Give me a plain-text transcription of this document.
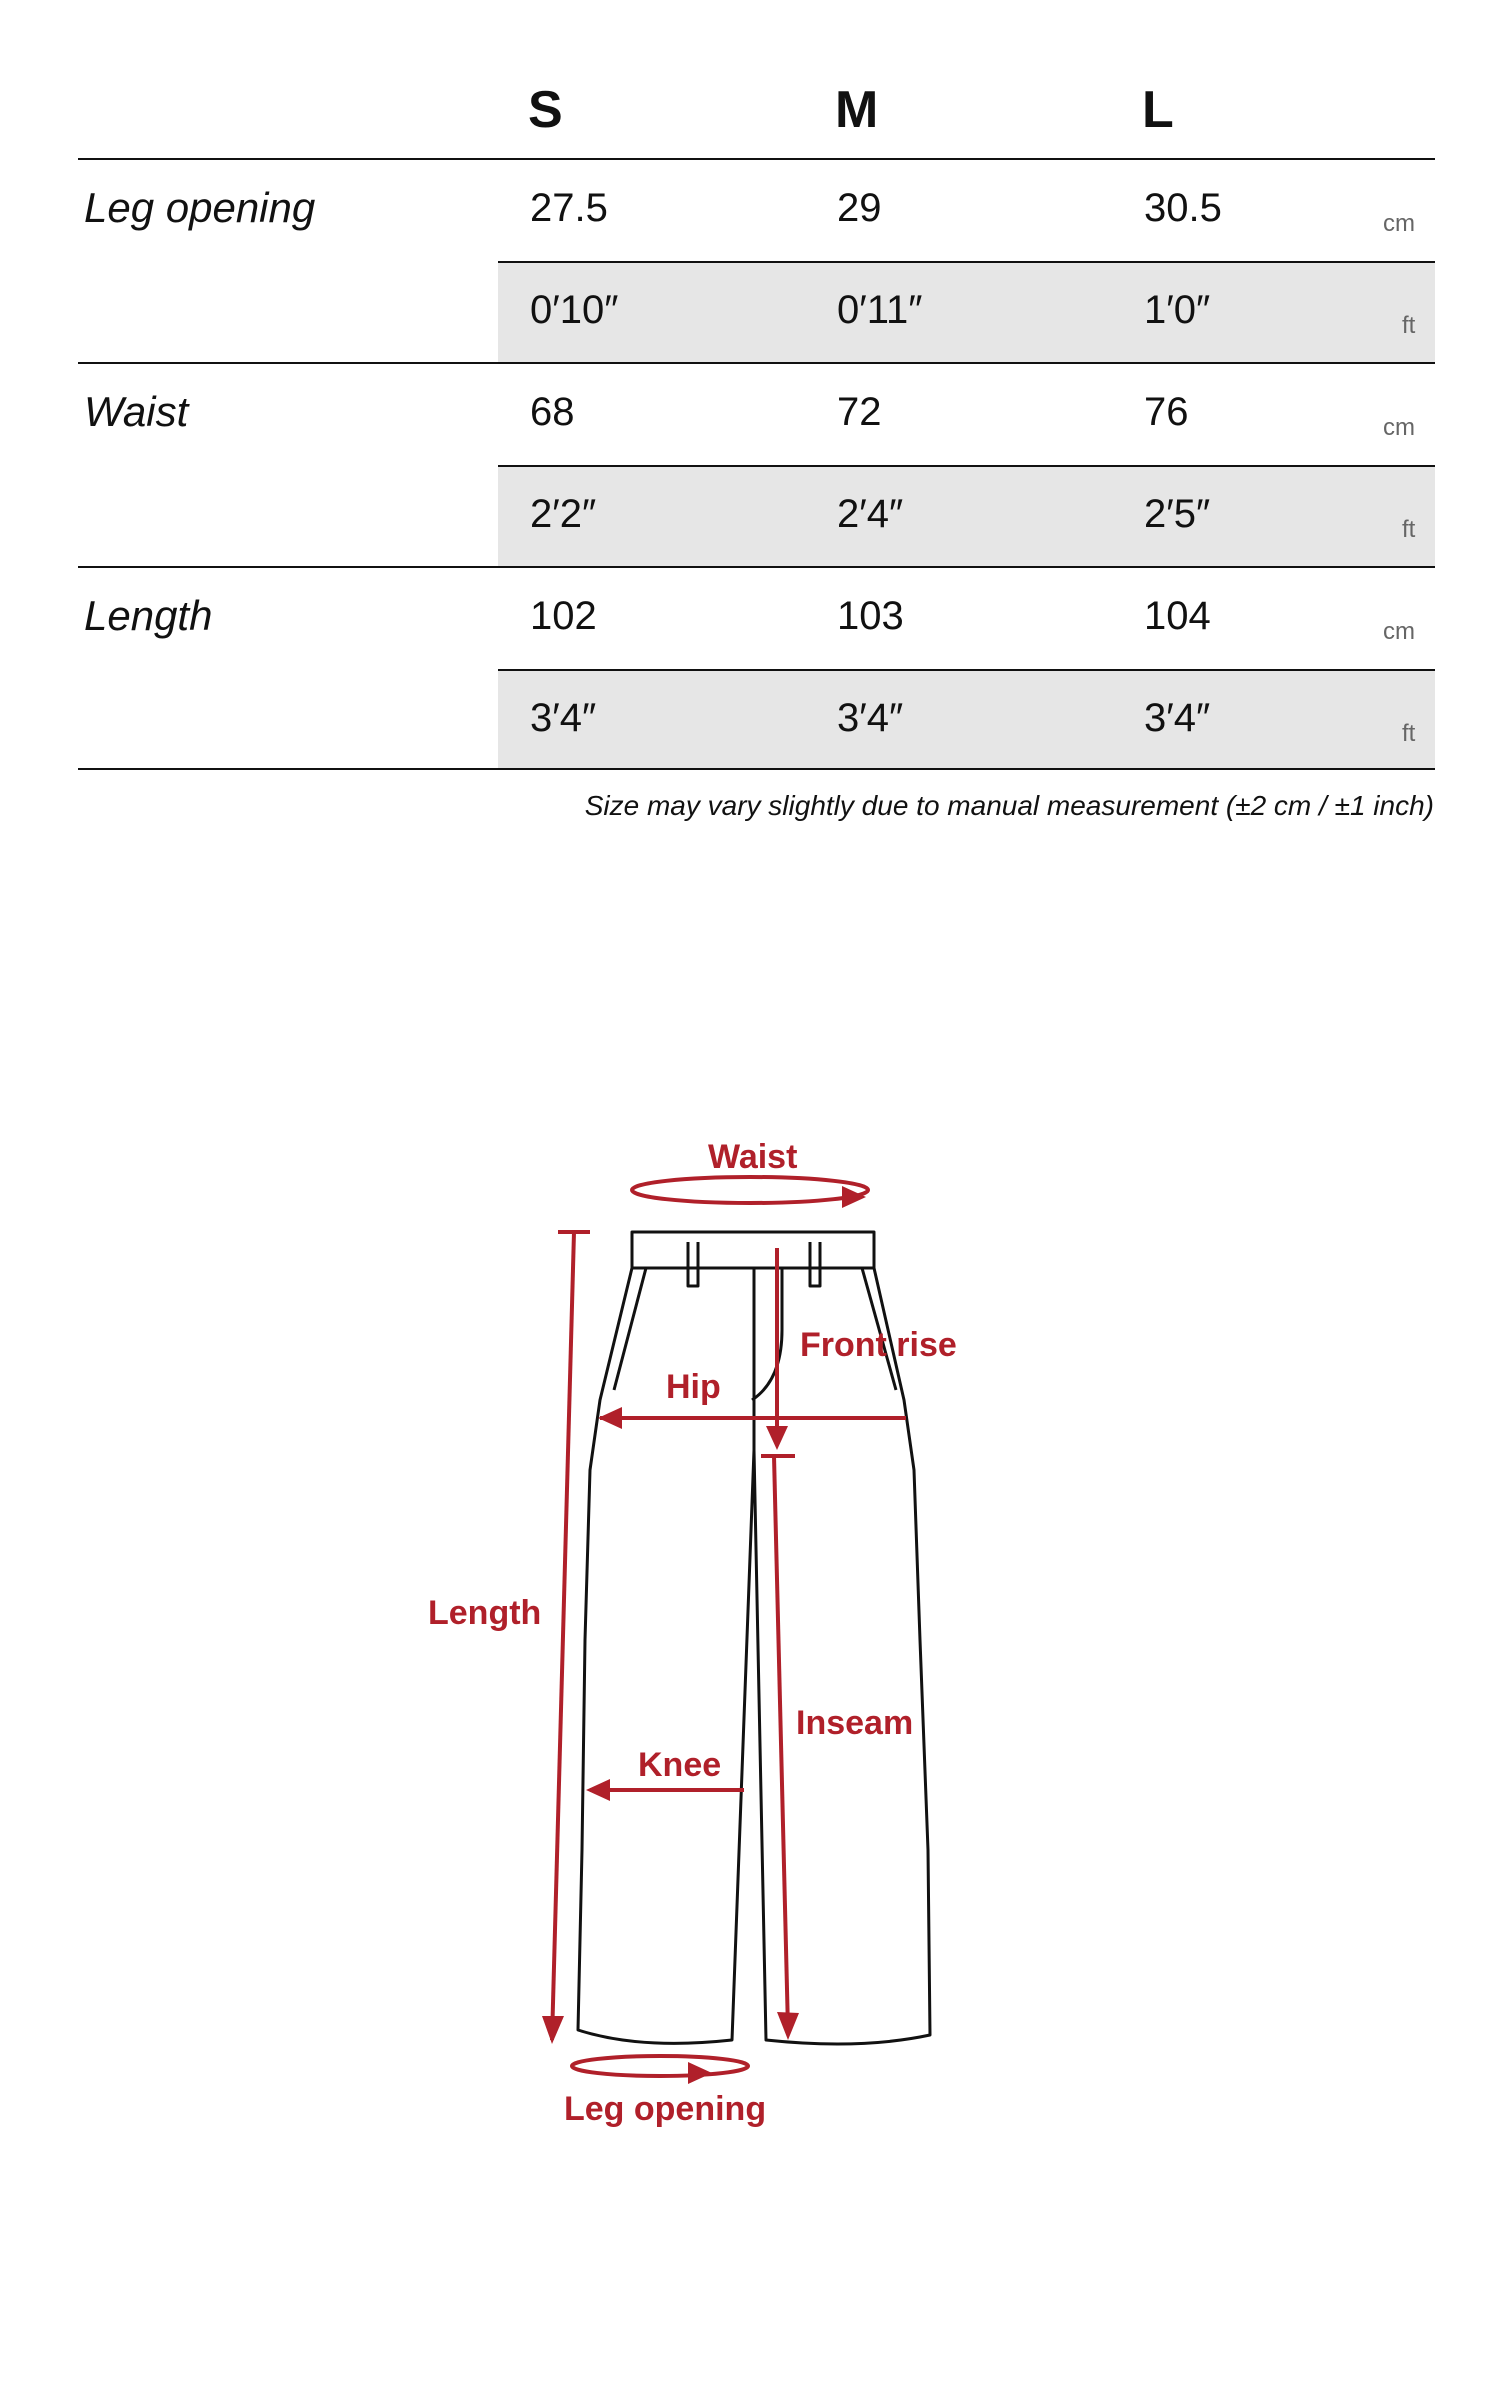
S	M	L
Leg opening	27.5	29	30.5	cm
0′10″	0′11″	1′0″	ft
Waist	68	72	76	cm
2′2″	2′4″	2′5″	ft
Length	102	103	104	cm
3′4″	3′4″	3′4″	ft
Size may vary slightly due to manual measurement (±2 cm / ±1 inch)
Waist
Front rise
Hip
Length
Inseam
Knee
Leg opening
